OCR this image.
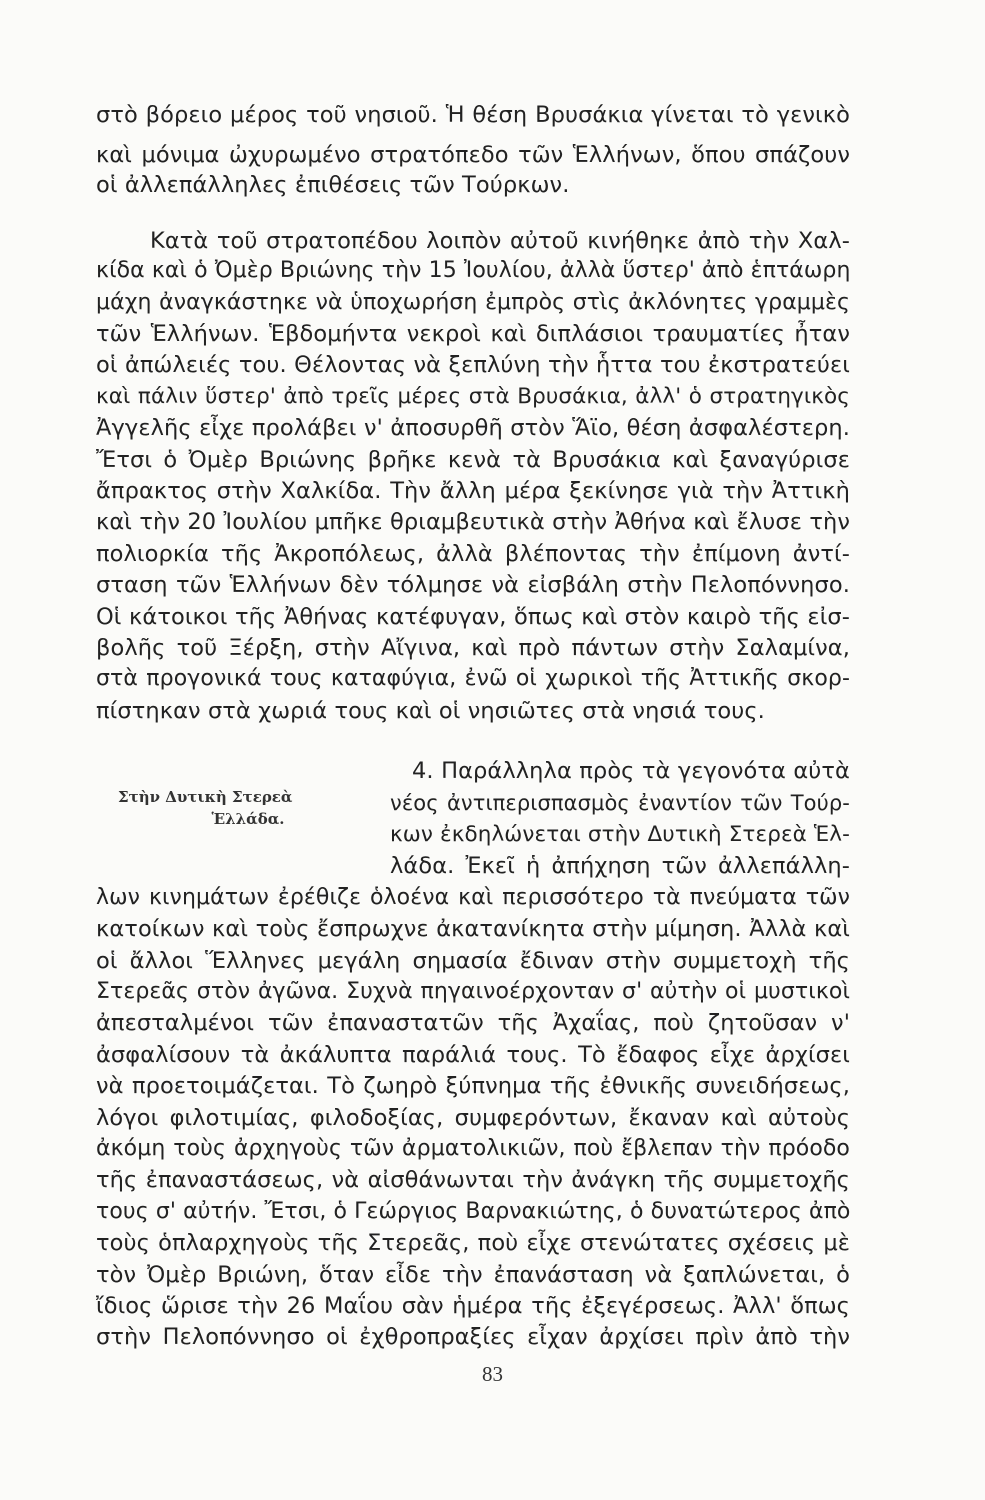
στὸ βόρειο μέρος τοῦ νησιοῦ. Ἡ θέση Βρυσάκια γίνεται τὸ γενικὸ
καὶ μόνιμα ὠχυρωμένο στρατόπεδο τῶν Ἑλλήνων, ὅπου σπάζουν
οἱ ἀλλεπάλληλες ἐπιθέσεις τῶν Τούρκων.
Κατὰ τοῦ στρατοπέδου λοιπὸν αὐτοῦ κινήθηκε ἀπὸ τὴν Χαλ-
κίδα καὶ ὁ Ὀμὲρ Βριώνης τὴν 15 Ἰουλίου, ἀλλὰ ὕστερ' ἀπὸ ἑπτάωρη
μάχη ἀναγκάστηκε νὰ ὑποχωρήση ἐμπρὸς στὶς ἀκλόνητες γραμμὲς
τῶν Ἑλλήνων. Ἑβδομήντα νεκροὶ καὶ διπλάσιοι τραυματίες ἦταν
οἱ ἀπώλειές του. Θέλοντας νὰ ξεπλύνη τὴν ἧττα του ἐκστρατεύει
καὶ πάλιν ὕστερ' ἀπὸ τρεῖς μέρες στὰ Βρυσάκια, ἀλλ' ὁ στρατηγικὸς
Ἀγγελῆς εἶχε προλάβει ν' ἀποσυρθῆ στὸν Ἅϊο, θέση ἀσφαλέστερη.
Ἔτσι ὁ Ὀμὲρ Βριώνης βρῆκε κενὰ τὰ Βρυσάκια καὶ ξαναγύρισε
ἄπρακτος στὴν Χαλκίδα. Τὴν ἄλλη μέρα ξεκίνησε γιὰ τὴν Ἀττικὴ
καὶ τὴν 20 Ἰουλίου μπῆκε θριαμβευτικὰ στὴν Ἀθήνα καὶ ἔλυσε τὴν
πολιορκία τῆς Ἀκροπόλεως, ἀλλὰ βλέποντας τὴν ἐπίμονη ἀντί-
σταση τῶν Ἑλλήνων δὲν τόλμησε νὰ εἰσβάλη στὴν Πελοπόννησο.
Οἱ κάτοικοι τῆς Ἀθήνας κατέφυγαν, ὅπως καὶ στὸν καιρὸ τῆς εἰσ-
βολῆς τοῦ Ξέρξη, στὴν Αἴγινα, καὶ πρὸ πάντων στὴν Σαλαμίνα,
στὰ προγονικά τους καταφύγια, ἐνῶ οἱ χωρικοὶ τῆς Ἀττικῆς σκορ-
πίστηκαν στὰ χωριά τους καὶ οἱ νησιῶτες στὰ νησιά τους.
Στὴν Δυτικὴ Στερεὰ
Ἑλλάδα.
4. Παράλληλα πρὸς τὰ γεγονότα αὐτὰ
νέος ἀντιπερισπασμὸς ἐναντίον τῶν Τούρ-
κων ἐκδηλώνεται στὴν Δυτικὴ Στερεὰ Ἑλ-
λάδα. Ἐκεῖ ἡ ἀπήχηση τῶν ἀλλεπάλλη-
λων κινημάτων ἐρέθιζε ὁλοένα καὶ περισσότερο τὰ πνεύματα τῶν
κατοίκων καὶ τοὺς ἔσπρωχνε ἀκατανίκητα στὴν μίμηση. Ἀλλὰ καὶ
οἱ ἄλλοι Ἕλληνες μεγάλη σημασία ἔδιναν στὴν συμμετοχὴ τῆς
Στερεᾶς στὸν ἀγῶνα. Συχνὰ πηγαινοέρχονταν σ' αὐτὴν οἱ μυστικοὶ
ἀπεσταλμένοι τῶν ἐπαναστατῶν τῆς Ἀχαΐας, ποὺ ζητοῦσαν ν'
ἀσφαλίσουν τὰ ἀκάλυπτα παράλιά τους. Τὸ ἔδαφος εἶχε ἀρχίσει
νὰ προετοιμάζεται. Τὸ ζωηρὸ ξύπνημα τῆς ἐθνικῆς συνειδήσεως,
λόγοι φιλοτιμίας, φιλοδοξίας, συμφερόντων, ἔκαναν καὶ αὐτοὺς
ἀκόμη τοὺς ἀρχηγοὺς τῶν ἀρματολικιῶν, ποὺ ἔβλεπαν τὴν πρόοδο
τῆς ἐπαναστάσεως, νὰ αἰσθάνωνται τὴν ἀνάγκη τῆς συμμετοχῆς
τους σ' αὐτήν. Ἔτσι, ὁ Γεώργιος Βαρνακιώτης, ὁ δυνατώτερος ἀπὸ
τοὺς ὁπλαρχηγοὺς τῆς Στερεᾶς, ποὺ εἶχε στενώτατες σχέσεις μὲ
τὸν Ὀμὲρ Βριώνη, ὅταν εἶδε τὴν ἐπανάσταση νὰ ξαπλώνεται, ὁ
ἴδιος ὥρισε τὴν 26 Μαΐου σὰν ἡμέρα τῆς ἐξεγέρσεως. Ἀλλ' ὅπως
στὴν Πελοπόννησο οἱ ἐχθροπραξίες εἶχαν ἀρχίσει πρὶν ἀπὸ τὴν
83
